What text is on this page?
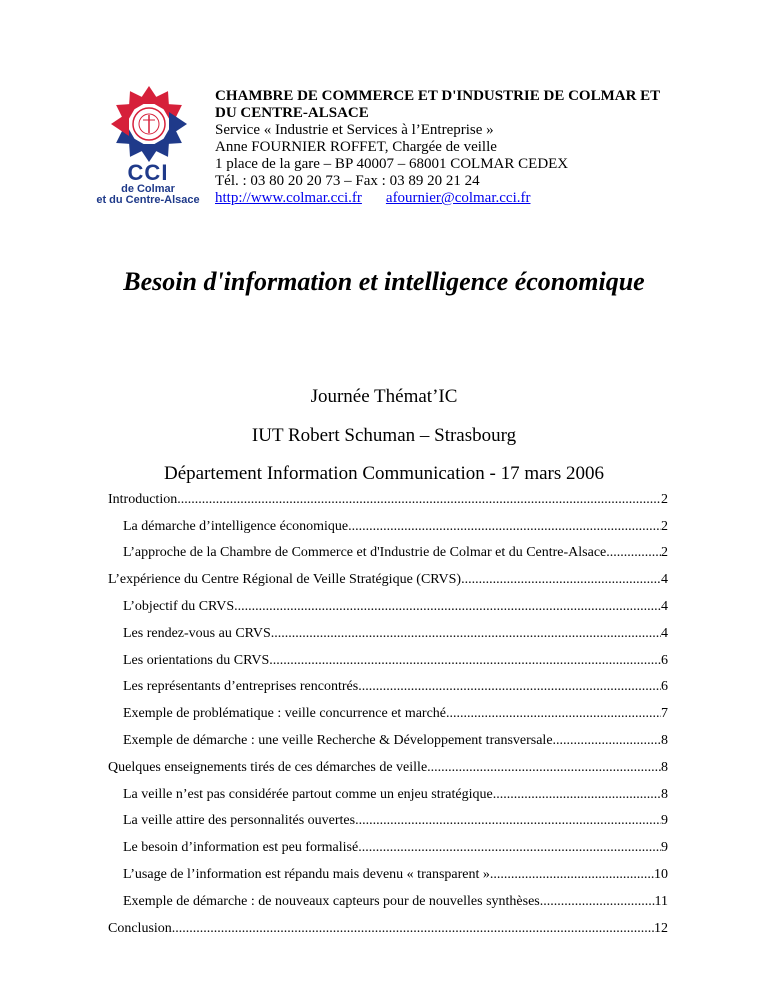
CCI
de Colmar
et du Centre-Alsace
CHAMBRE DE COMMERCE ET D'INDUSTRIE DE COLMAR ET
DU CENTRE-ALSACE
Service « Industrie et Services à l’Entreprise »
Anne FOURNIER ROFFET, Chargée de veille
1 place de la gare – BP 40007 – 68001 COLMAR CEDEX
Tél. : 03 80 20 20 73 – Fax : 03 89 20 21 24
http://www.colmar.cci.fr afournier@colmar.cci.fr
Besoin d'information et intelligence économique
Journée Thémat’IC
IUT Robert Schuman – Strasbourg
Département Information Communication - 17 mars 2006
Introduction .....	2
La démarche d’intelligence économique .....	2
L’approche de la Chambre de Commerce et d'Industrie de Colmar et du Centre-Alsace .....	2
L’expérience du Centre Régional de Veille Stratégique (CRVS) .....	4
L’objectif du CRVS .....	4
Les rendez-vous au CRVS .....	4
Les orientations du CRVS .....	6
Les représentants d’entreprises rencontrés .....	6
Exemple de problématique : veille concurrence et marché .....	7
Exemple de démarche : une veille Recherche & Développement transversale .....	8
Quelques enseignements tirés de ces démarches de veille .....	8
La veille n’est pas considérée partout comme un enjeu stratégique .....	8
La veille attire des personnalités ouvertes .....	9
Le besoin d’information est peu formalisé .....	9
L’usage de l’information est répandu mais devenu « transparent » .....	10
Exemple de démarche : de nouveaux capteurs pour de nouvelles synthèses .....	11
Conclusion .....	12
